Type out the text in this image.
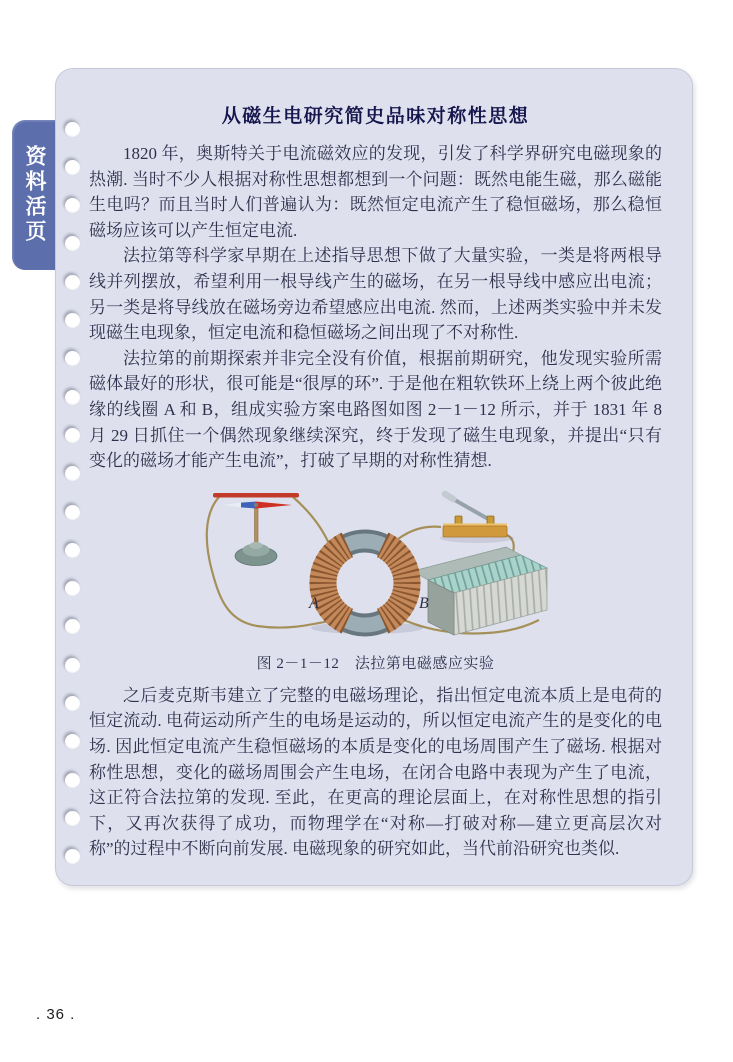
资料活页
从磁生电研究简史品味对称性思想

1820 年，奥斯特关于电流磁效应的发现，引发了科学界研究电磁现象的热潮. 当时不少人根据对称性思想都想到一个问题：既然电能生磁，那么磁能生电吗？而且当时人们普遍认为：既然恒定电流产生了稳恒磁场，那么稳恒磁场应该可以产生恒定电流.

法拉第等科学家早期在上述指导思想下做了大量实验，一类是将两根导线并列摆放，希望利用一根导线产生的磁场，在另一根导线中感应出电流；另一类是将导线放在磁场旁边希望感应出电流. 然而，上述两类实验中并未发现磁生电现象，恒定电流和稳恒磁场之间出现了不对称性.

法拉第的前期探索并非完全没有价值，根据前期研究，他发现实验所需磁体最好的形状，很可能是“很厚的环”. 于是他在粗软铁环上绕上两个彼此绝缘的线圈 A 和 B，组成实验方案电路图如图 2－1－12 所示，并于 1831 年 8 月 29 日抓住一个偶然现象继续深究，终于发现了磁生电现象，并提出“只有变化的磁场才能产生电流”，打破了早期的对称性猜想.

A	B
图 2－1－12　法拉第电磁感应实验

之后麦克斯韦建立了完整的电磁场理论，指出恒定电流本质上是电荷的恒定流动. 电荷运动所产生的电场是运动的，所以恒定电流产生的是变化的电场. 因此恒定电流产生稳恒磁场的本质是变化的电场周围产生了磁场. 根据对称性思想，变化的磁场周围会产生电场，在闭合电路中表现为产生了电流，这正符合法拉第的发现. 至此，在更高的理论层面上，在对称性思想的指引下，又再次获得了成功，而物理学在“对称—打破对称—建立更高层次对称”的过程中不断向前发展. 电磁现象的研究如此，当代前沿研究也类似.

. 36 .
